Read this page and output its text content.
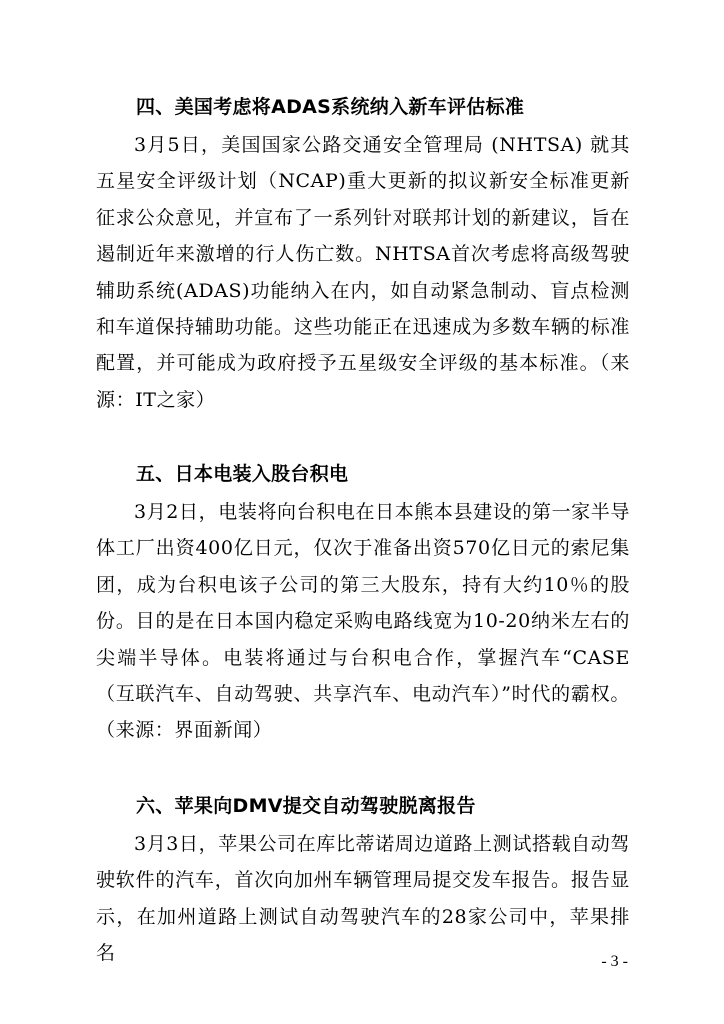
四、美国考虑将ADAS系统纳入新车评估标准
3月5日，美国国家公路交通安全管理局 (NHTSA) 就其五星安全评级计划（NCAP)重大更新的拟议新安全标准更新征求公众意见，并宣布了一系列针对联邦计划的新建议，旨在遏制近年来激增的行人伤亡数。NHTSA首次考虑将高级驾驶辅助系统(ADAS)功能纳入在内，如自动紧急制动、盲点检测和车道保持辅助功能。这些功能正在迅速成为多数车辆的标准配置，并可能成为政府授予五星级安全评级的基本标准。（来源：IT之家）
五、日本电装入股台积电
3月2日，电装将向台积电在日本熊本县建设的第一家半导体工厂出资400亿日元，仅次于准备出资570亿日元的索尼集团，成为台积电该子公司的第三大股东，持有大约10％的股份。目的是在日本国内稳定采购电路线宽为10-20纳米左右的尖端半导体。电装将通过与台积电合作，掌握汽车“CASE（互联汽车、自动驾驶、共享汽车、电动汽车）”时代的霸权。（来源：界面新闻）
六、苹果向DMV提交自动驾驶脱离报告
3月3日，苹果公司在库比蒂诺周边道路上测试搭载自动驾驶软件的汽车，首次向加州车辆管理局提交发车报告。报告显示，在加州道路上测试自动驾驶汽车的28家公司中，苹果排名	- 3 -
